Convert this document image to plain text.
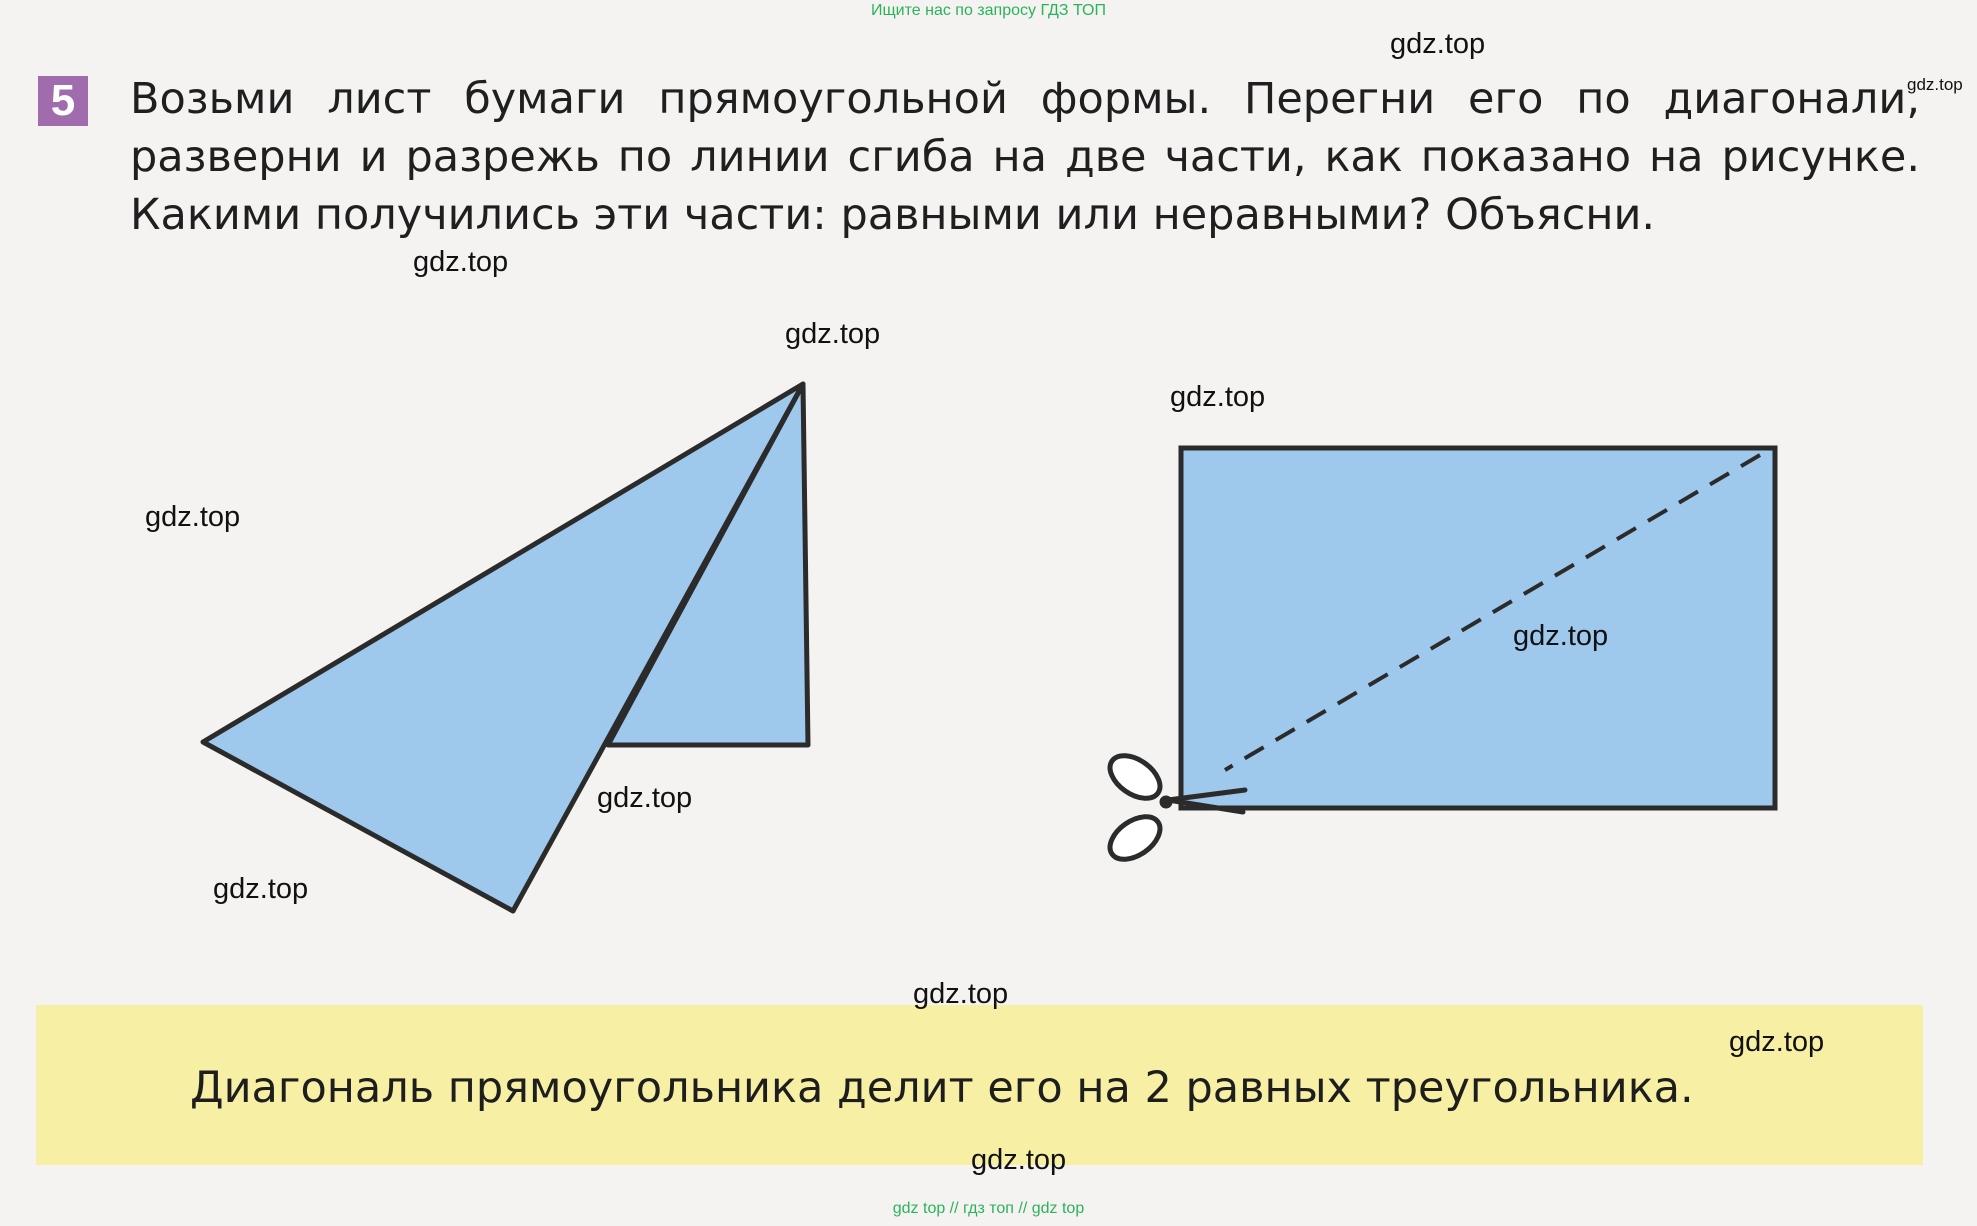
Ищите нас по запросу ГДЗ ТОП
5 Возьми лист бумаги прямоугольной формы. Перегни его по диагонали, разверни и разрежь по линии сгиба на две части, как показано на рисунке. Какими получились эти части: равными или неравными? Объясни.
Диагональ прямоугольника делит его на 2 равных треугольника.
gdz.top
gdz.top
gdz.top
gdz.top
gdz.top
gdz.top
gdz.top
gdz.top
gdz.top
gdz.top
gdz.top
gdz.top
gdz top // гдз топ // gdz top
